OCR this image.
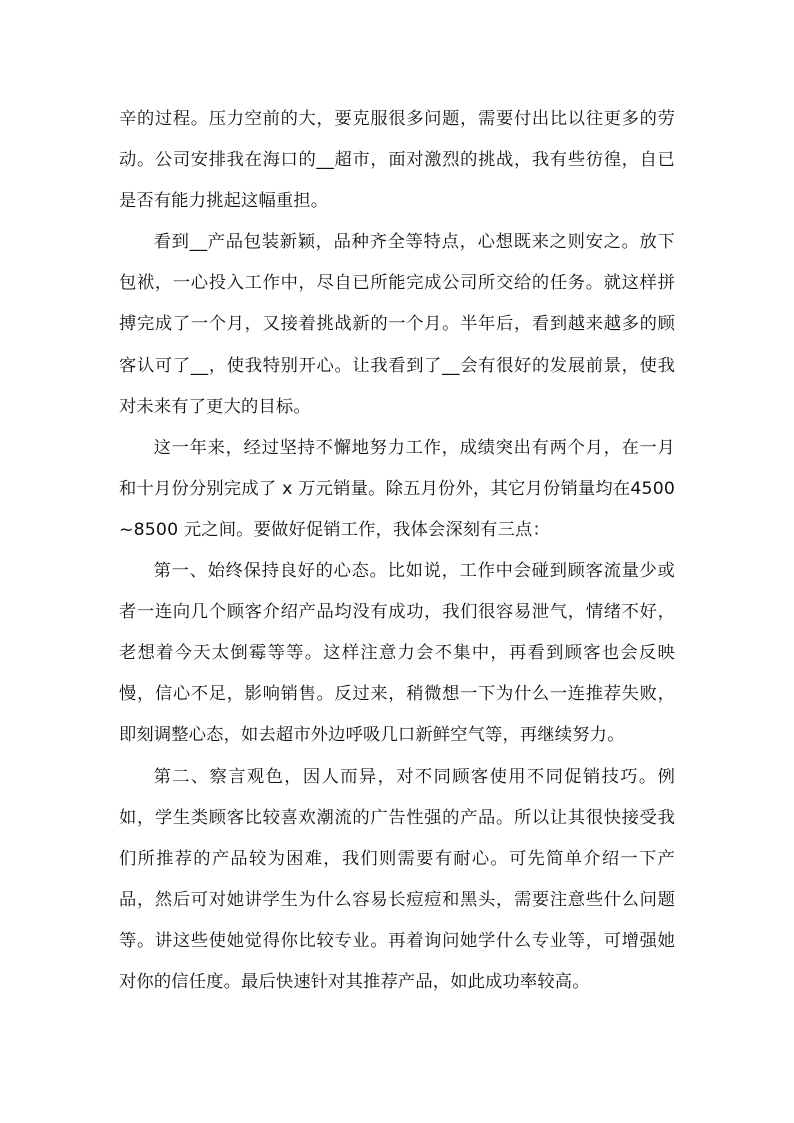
辛的过程。压力空前的大，要克服很多问题，需要付出比以往更多的劳动。公司安排我在海口的__超市，面对激烈的挑战，我有些彷徨，自已是否有能力挑起这幅重担。

看到__产品包装新颖，品种齐全等特点，心想既来之则安之。放下包袱，一心投入工作中，尽自已所能完成公司所交给的任务。就这样拼搏完成了一个月，又接着挑战新的一个月。半年后，看到越来越多的顾客认可了__，使我特别开心。让我看到了__会有很好的发展前景，使我对未来有了更大的目标。

这一年来，经过坚持不懈地努力工作，成绩突出有两个月，在一月和十月份分别完成了 x 万元销量。除五月份外，其它月份销量均在4500~8500 元之间。要做好促销工作，我体会深刻有三点：

第一、始终保持良好的心态。比如说，工作中会碰到顾客流量少或者一连向几个顾客介绍产品均没有成功，我们很容易泄气，情绪不好，老想着今天太倒霉等等。这样注意力会不集中，再看到顾客也会反映慢，信心不足，影响销售。反过来，稍微想一下为什么一连推荐失败，即刻调整心态，如去超市外边呼吸几口新鲜空气等，再继续努力。

第二、察言观色，因人而异，对不同顾客使用不同促销技巧。例如，学生类顾客比较喜欢潮流的广告性强的产品。所以让其很快接受我们所推荐的产品较为困难，我们则需要有耐心。可先简单介绍一下产品，然后可对她讲学生为什么容易长痘痘和黑头，需要注意些什么问题等。讲这些使她觉得你比较专业。再着询问她学什么专业等，可增强她对你的信任度。最后快速针对其推荐产品，如此成功率较高。
